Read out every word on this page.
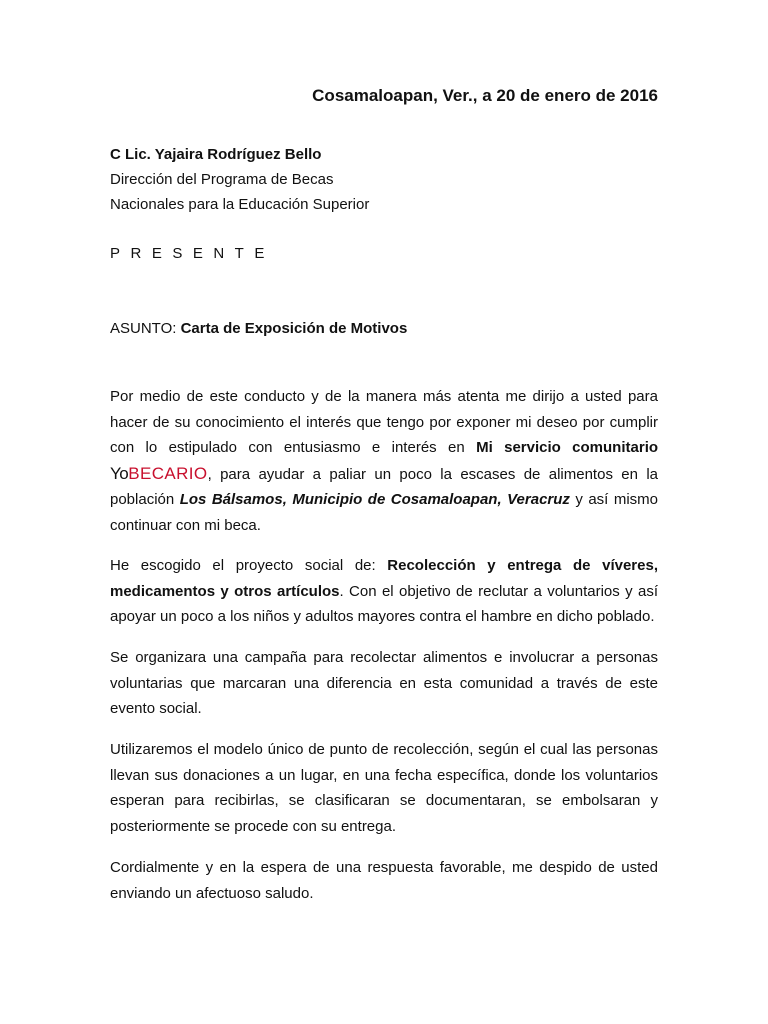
Cosamaloapan, Ver., a 20 de enero de 2016
C Lic. Yajaira Rodríguez Bello
Dirección del Programa de Becas
Nacionales para la Educación Superior
PRESENTE
ASUNTO: Carta de Exposición de Motivos
Por medio de este conducto y de la manera más atenta me dirijo a usted para
hacer de su conocimiento el interés que tengo por exponer mi deseo por cumplir
con lo estipulado con entusiasmo e interés en Mi servicio comunitario
YoBECARIO, para ayudar a paliar un poco la escases de alimentos en la
población Los Bálsamos, Municipio de Cosamaloapan, Veracruz y así mismo
continuar con mi beca.
He escogido el proyecto social de: Recolección y entrega de víveres,
medicamentos y otros artículos. Con el objetivo de reclutar a voluntarios y así
apoyar un poco a los niños y adultos mayores contra el hambre en dicho poblado.
Se organizara una campaña para recolectar alimentos e involucrar a personas
voluntarias que marcaran una diferencia en esta comunidad a través de este
evento social.
Utilizaremos el modelo único de punto de recolección, según el cual las personas
llevan sus donaciones a un lugar, en una fecha específica, donde los voluntarios
esperan para recibirlas, se clasificaran se documentaran, se embolsaran y
posteriormente se procede con su entrega.
Cordialmente y en la espera de una respuesta favorable, me despido de usted
enviando un afectuoso saludo.
